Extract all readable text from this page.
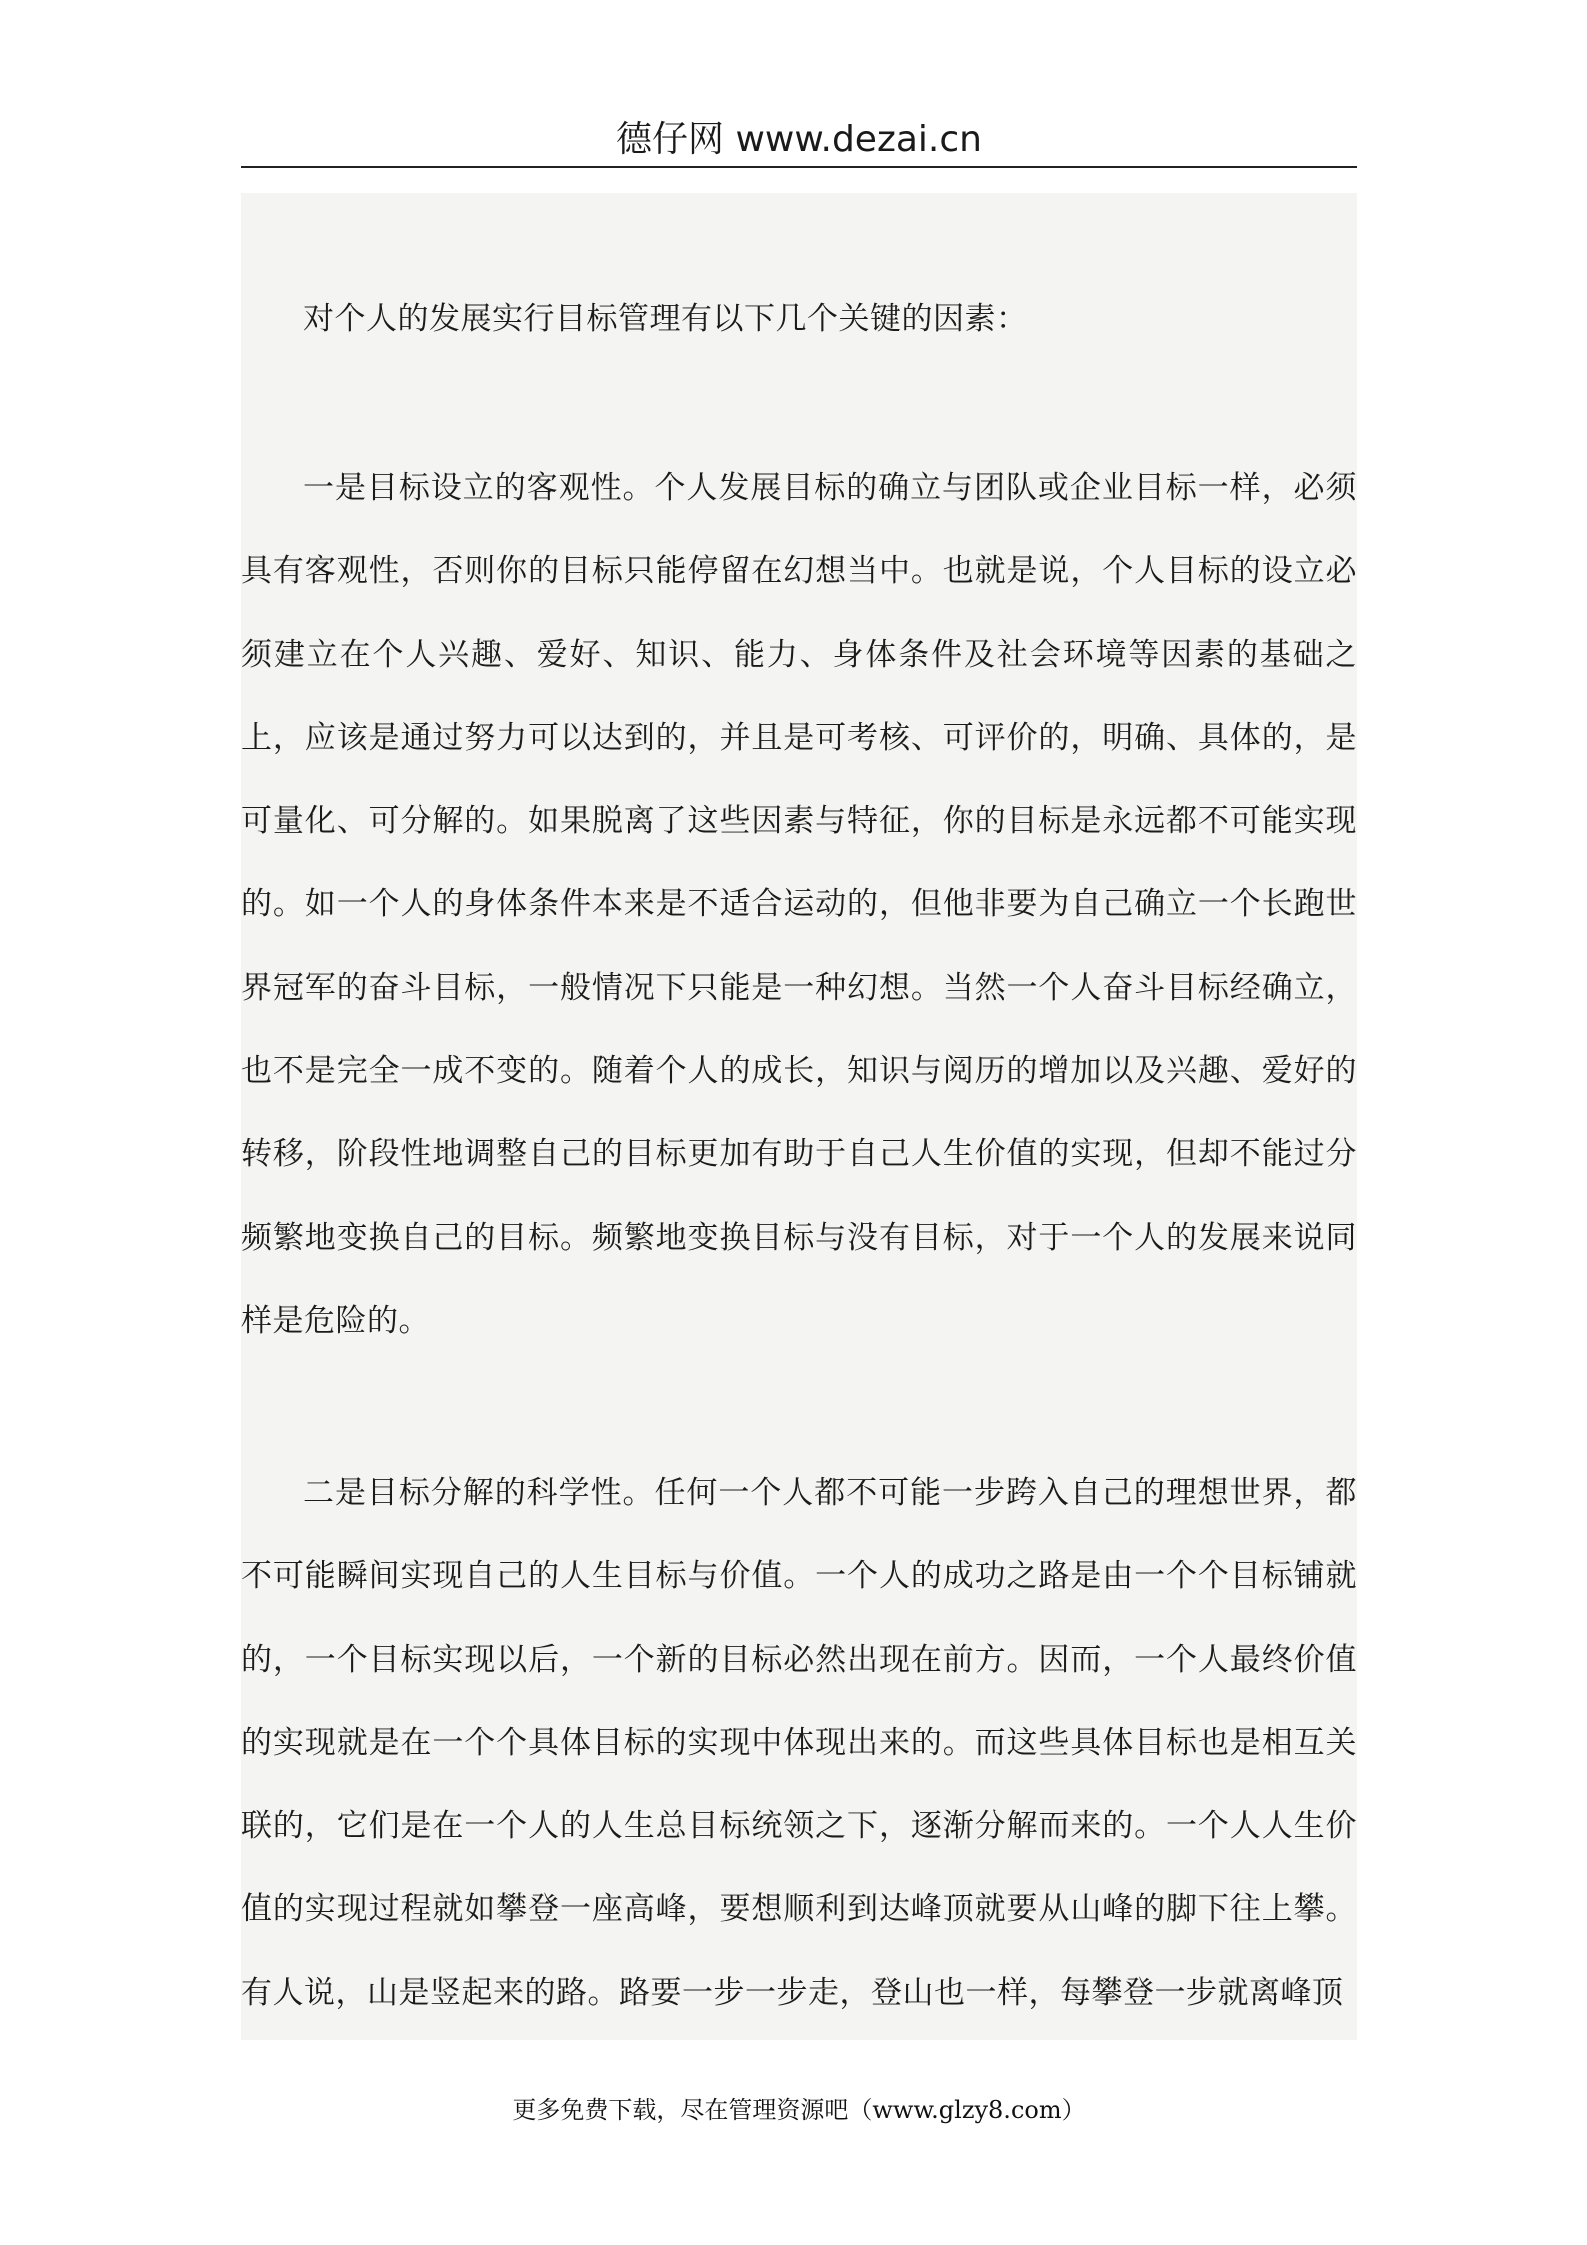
德仔网 www.dezai.cn

对个人的发展实行目标管理有以下几个关键的因素：

一是目标设立的客观性。个人发展目标的确立与团队或企业目标一样，必须具有客观性，否则你的目标只能停留在幻想当中。也就是说，个人目标的设立必须建立在个人兴趣、爱好、知识、能力、身体条件及社会环境等因素的基础之上，应该是通过努力可以达到的，并且是可考核、可评价的，明确、具体的，是可量化、可分解的。如果脱离了这些因素与特征，你的目标是永远都不可能实现的。如一个人的身体条件本来是不适合运动的，但他非要为自己确立一个长跑世界冠军的奋斗目标，一般情况下只能是一种幻想。当然一个人奋斗目标经确立，也不是完全一成不变的。随着个人的成长，知识与阅历的增加以及兴趣、爱好的转移，阶段性地调整自己的目标更加有助于自己人生价值的实现，但却不能过分频繁地变换自己的目标。频繁地变换目标与没有目标，对于一个人的发展来说同样是危险的。

二是目标分解的科学性。任何一个人都不可能一步跨入自己的理想世界，都不可能瞬间实现自己的人生目标与价值。一个人的成功之路是由一个个目标铺就的，一个目标实现以后，一个新的目标必然出现在前方。因而，一个人最终价值的实现就是在一个个具体目标的实现中体现出来的。而这些具体目标也是相互关联的，它们是在一个人的人生总目标统领之下，逐渐分解而来的。一个人人生价值的实现过程就如攀登一座高峰，要想顺利到达峰顶就要从山峰的脚下往上攀。有人说，山是竖起来的路。路要一步一步走，登山也一样，每攀登一步就离峰顶

更多免费下载，尽在管理资源吧（www.glzy8.com）
